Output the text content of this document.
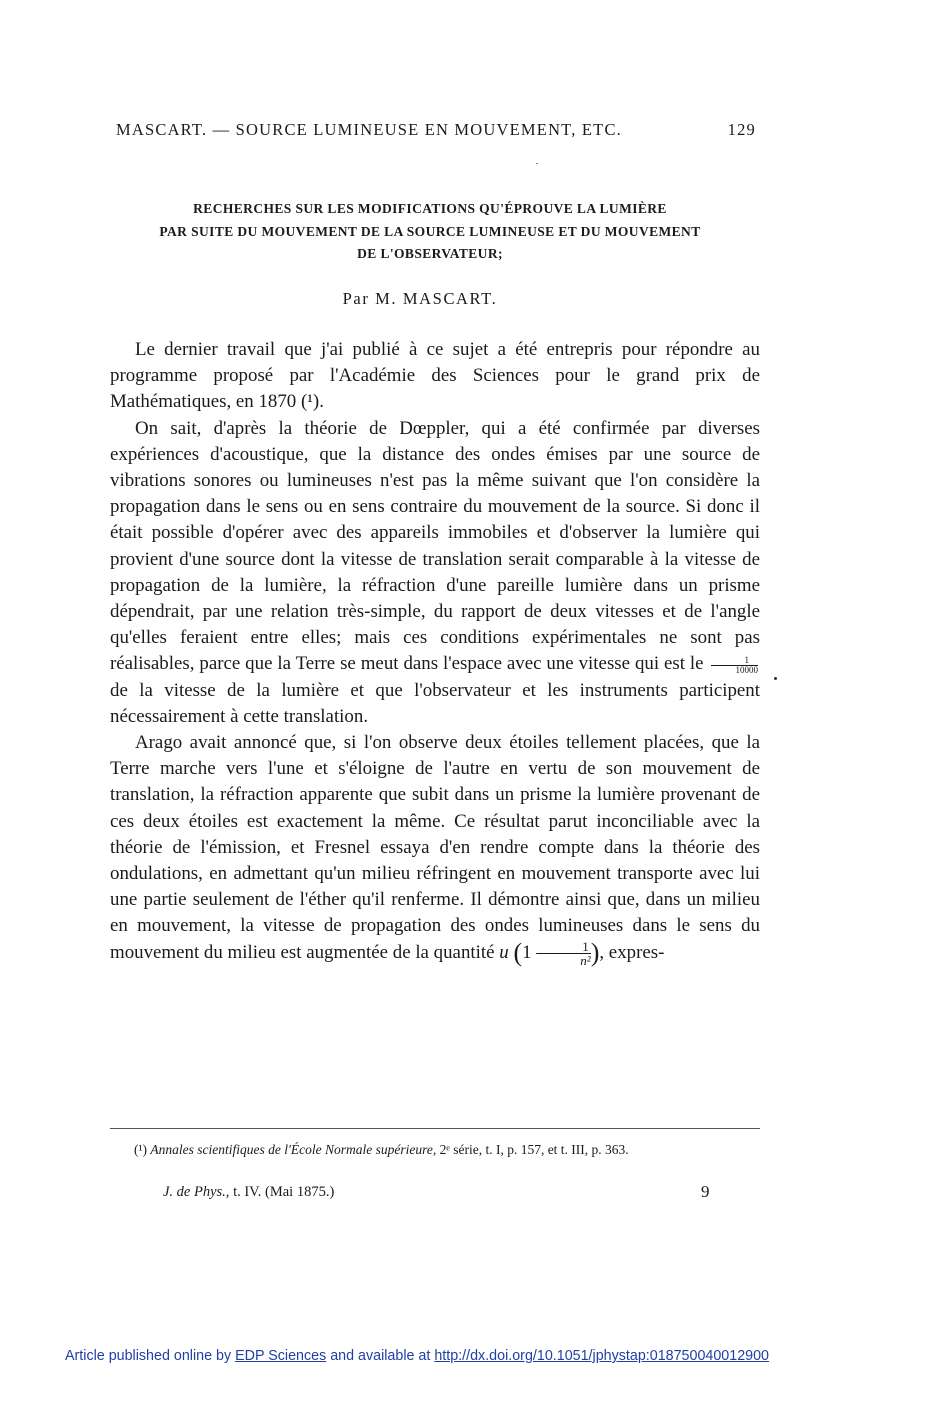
MASCART. — SOURCE LUMINEUSE EN MOUVEMENT, ETC.	129
RECHERCHES SUR LES MODIFICATIONS QU'ÉPROUVE LA LUMIÈRE
PAR SUITE DU MOUVEMENT DE LA SOURCE LUMINEUSE ET DU MOUVEMENT
DE L'OBSERVATEUR;
Par M. MASCART.

Le dernier travail que j'ai publié à ce sujet a été entrepris pour répondre au programme proposé par l'Académie des Sciences pour le grand prix de Mathématiques, en 1870 (¹).

On sait, d'après la théorie de Dœppler, qui a été confirmée par diverses expériences d'acoustique, que la distance des ondes émises par une source de vibrations sonores ou lumineuses n'est pas la même suivant que l'on considère la propagation dans le sens ou en sens contraire du mouvement de la source. Si donc il était possible d'opérer avec des appareils immobiles et d'observer la lumière qui provient d'une source dont la vitesse de translation serait comparable à la vitesse de propagation de la lumière, la réfraction d'une pareille lumière dans un prisme dépendrait, par une relation très-simple, du rapport de deux vitesses et de l'angle qu'elles feraient entre elles; mais ces conditions expérimentales ne sont pas réalisables, parce que la Terre se meut dans l'espace avec une vitesse qui est le $\frac{1}{10000}$
de la vitesse de la lumière et que l'observateur et les instruments participent nécessairement à cette translation.

Arago avait annoncé que, si l'on observe deux étoiles tellement placées, que la Terre marche vers l'une et s'éloigne de l'autre en vertu de son mouvement de translation, la réfraction apparente que subit dans un prisme la lumière provenant de ces deux étoiles est exactement la même. Ce résultat parut inconciliable avec la théorie de l'émission, et Fresnel essaya d'en rendre compte dans la théorie des ondulations, en admettant qu'un milieu réfringent en mouvement transporte avec lui une partie seulement de l'éther qu'il renferme. Il démontre ainsi que, dans un milieu en mouvement, la vitesse de propagation des ondes lumineuses dans le sens du mouvement du milieu est augmentée de la quantité u (1 — $\frac{1}{\text{n²}}$ ), expres-

(¹) Annales scientifiques de l'École Normale supérieure, 2ᵉ série, t. I, p. 157, et t. III, p. 363.

J. de Phys., t. IV. (Mai 1875.)	9
Article published online by EDP Sciences and available at http://dx.doi.org/10.1051/jphystap:018750040012900
